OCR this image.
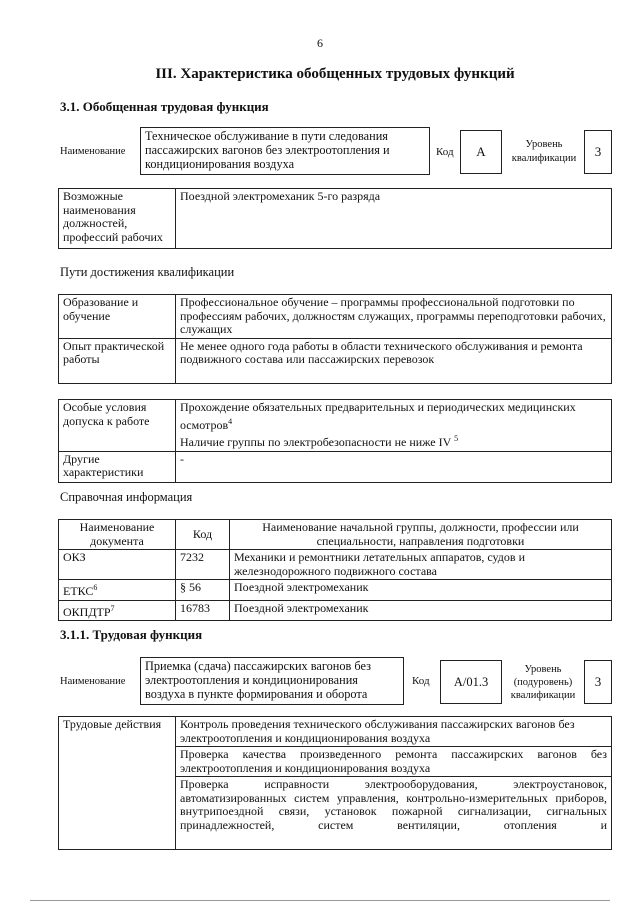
6
III. Характеристика обобщенных трудовых функций
3.1. Обобщенная трудовая функция
Наименование
Техническое обслуживание в пути следования пассажирских вагонов без электроотопления и кондиционирования воздуха
Код	А	Уровень квалификации	3
Возможные наименования должностей, профессий рабочих	Поездной электромеханик 5-го разряда
Пути достижения квалификации
Образование и обучение	Профессиональное обучение – программы профессиональной подготовки по профессиям рабочих, должностям служащих, программы переподготовки рабочих, служащих
Опыт практической работы	Не менее одного года работы в области технического обслуживания и ремонта подвижного состава или пассажирских перевозок
Особые условия допуска к работе	Прохождение обязательных предварительных и периодических медицинских осмотров$^4$
Наличие группы по электробезопасности не ниже IV $^5$
Другие характеристики	-
Справочная информация
Наименование документа	Код	Наименование начальной группы, должности, профессии или специальности, направления подготовки
ОКЗ	7232	Механики и ремонтники летательных аппаратов, судов и железнодорожного подвижного состава
ЕТКС$^6$	§ 56	Поездной электромеханик
ОКПДТР$^7$	16783	Поездной электромеханик
3.1.1. Трудовая функция
Наименование
Приемка (сдача) пассажирских вагонов без электроотопления и кондиционирования воздуха в пункте формирования и оборота
Код	А/01.3
Уровень (подуровень) квалификации
3
Трудовые действия	Контроль проведения технического обслуживания пассажирских вагонов без электроотопления и кондиционирования воздуха
Проверка качества произведенного ремонта пассажирских вагонов без электроотопления и кондиционирования воздуха
Проверка исправности электрооборудования, электроустановок, автоматизированных систем управления, контрольно-измерительных приборов, внутрипоездной связи, установок пожарной сигнализации, сигнальных принадлежностей, систем вентиляции, отопления и
